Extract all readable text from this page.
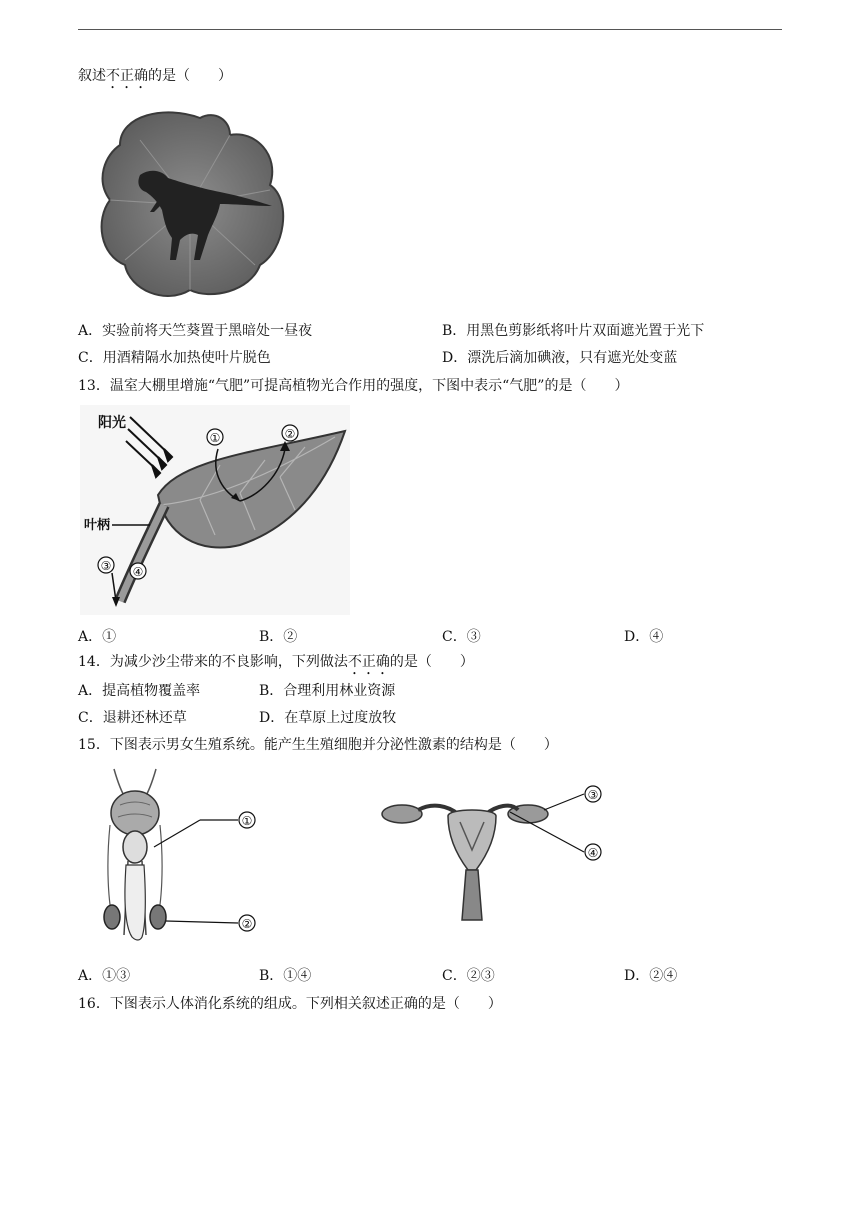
叙述不正确的是（　　）
A．实验前将天竺葵置于黑暗处一昼夜	B．用黑色剪影纸将叶片双面遮光置于光下
C．用酒精隔水加热使叶片脱色	D．漂洗后滴加碘液，只有遮光处变蓝
13．温室大棚里增施“气肥”可提高植物光合作用的强度，下图中表示“气肥”的是（　　）
阳光
叶柄
①	②
③ ④
A．①	B．②	C．③	D．④
14．为减少沙尘带来的不良影响，下列做法不正确的是（　　）
A．提高植物覆盖率	B．合理利用林业资源
C．退耕还林还草	D．在草原上过度放牧
15．下图表示男女生殖系统。能产生生殖细胞并分泌性激素的结构是（　　）
①
②
③
④
A．①③	B．①④	C．②③	D．②④
16．下图表示人体消化系统的组成。下列相关叙述正确的是（　　）
